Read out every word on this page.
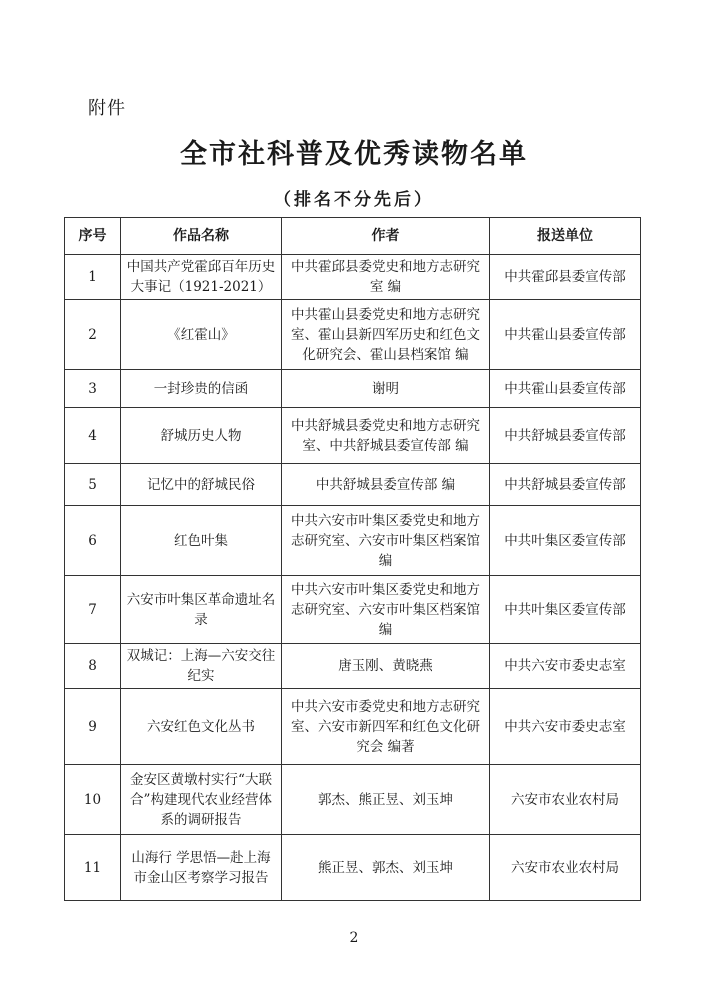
附件
全市社科普及优秀读物名单
（排名不分先后）
序号	作品名称	作者	报送单位
1	中国共产党霍邱百年历史大事记（1921-2021）	中共霍邱县委党史和地方志研究室 编	中共霍邱县委宣传部
2	《红霍山》	中共霍山县委党史和地方志研究室、霍山县新四军历史和红色文化研究会、霍山县档案馆 编	中共霍山县委宣传部
3	一封珍贵的信函	谢明	中共霍山县委宣传部
4	舒城历史人物	中共舒城县委党史和地方志研究室、中共舒城县委宣传部 编	中共舒城县委宣传部
5	记忆中的舒城民俗	中共舒城县委宣传部 编	中共舒城县委宣传部
6	红色叶集	中共六安市叶集区委党史和地方志研究室、六安市叶集区档案馆 编	中共叶集区委宣传部
7	六安市叶集区革命遗址名录	中共六安市叶集区委党史和地方志研究室、六安市叶集区档案馆 编	中共叶集区委宣传部
8	双城记：上海—六安交往纪实	唐玉刚、黄晓燕	中共六安市委史志室
9	六安红色文化丛书	中共六安市委党史和地方志研究室、六安市新四军和红色文化研究会 编著	中共六安市委史志室
10	金安区黄墩村实行“大联合”构建现代农业经营体系的调研报告	郭杰、熊正昱、刘玉坤	六安市农业农村局
11	山海行 学思悟—赴上海市金山区考察学习报告	熊正昱、郭杰、刘玉坤	六安市农业农村局
2
